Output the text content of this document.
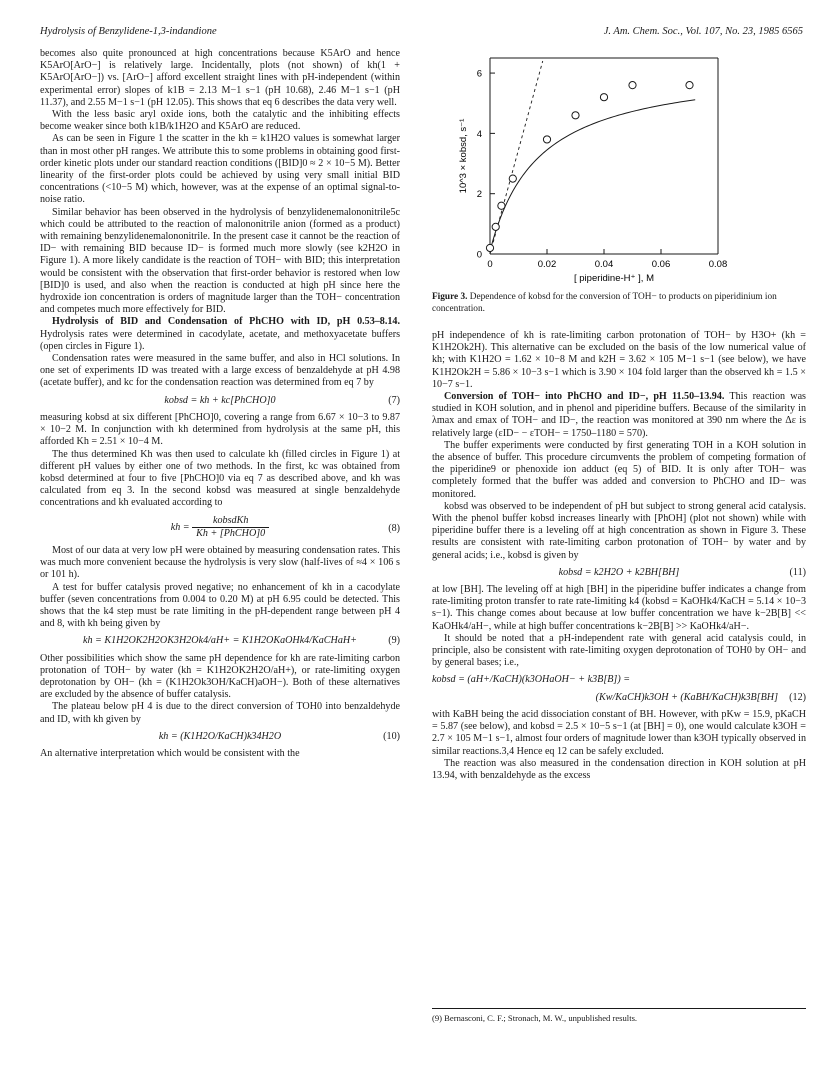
Hydrolysis of Benzylidene-1,3-indandione	J. Am. Chem. Soc., Vol. 107, No. 23, 1985 6565

becomes also quite pronounced at high concentrations because K5ArO and hence K5ArO[ArO−] is relatively large. Incidentally, plots (not shown) of kh(1 + K5ArO[ArO−]) vs. [ArO−] afford excellent straight lines with pH-independent (within experimental error) slopes of k1B = 2.13 M−1 s−1 (pH 10.68), 2.46 M−1 s−1 (pH 11.37), and 2.55 M−1 s−1 (pH 12.05). This shows that eq 6 describes the data very well.

With the less basic aryl oxide ions, both the catalytic and the inhibiting effects become weaker since both k1B/k1H2O and K5ArO are reduced.

As can be seen in Figure 1 the scatter in the kh = k1H2O values is somewhat larger than in most other pH ranges. We attribute this to some problems in obtaining good first-order kinetic plots under our standard reaction conditions ([BID]0 ≈ 2 × 10−5 M). Better linearity of the first-order plots could be achieved by using very small initial BID concentrations (<10−5 M) which, however, was at the expense of an optimal signal-to-noise ratio.

Similar behavior has been observed in the hydrolysis of benzylidenemalononitrile5c which could be attributed to the reaction of malononitrile anion (formed as a product) with remaining benzylidenemalononitrile. In the present case it cannot be the reaction of ID− with remaining BID because ID− is formed much more slowly (see k2H2O in Figure 1). A more likely candidate is the reaction of TOH− with BID; this interpretation would be consistent with the observation that first-order behavior is restored when low [BID]0 is used, and also when the reaction is conducted at high pH since here the hydroxide ion concentration is orders of magnitude larger than the TOH− concentration and competes much more effectively for BID.

Hydrolysis of BID and Condensation of PhCHO with ID, pH 0.53–8.14. Hydrolysis rates were determined in cacodylate, acetate, and methoxyacetate buffers (open circles in Figure 1).

Condensation rates were measured in the same buffer, and also in HCl solutions. In one set of experiments ID was treated with a large excess of benzaldehyde at pH 4.98 (acetate buffer), and kc for the condensation reaction was determined from eq 7 by

kobsd = kh + kc[PhCHO]0	(7)

measuring kobsd at six different [PhCHO]0, covering a range from 6.67 × 10−3 to 9.87 × 10−2 M. In conjunction with kh determined from hydrolysis at the same pH, this afforded Kh = 2.51 × 10−4 M.

The thus determined Kh was then used to calculate kh (filled circles in Figure 1) at different pH values by either one of two methods. In the first, kc was obtained from kobsd determined at four to five [PhCHO]0 via eq 7 as described above, and kh was calculated from eq 3. In the second kobsd was measured at single benzaldehyde concentrations and kh evaluated according to

kh = $\frac{\text{kobsdKh}}{\text{Kh + [PhCHO]0}}$	(8)

Most of our data at very low pH were obtained by measuring condensation rates. This was much more convenient because the hydrolysis is very slow (half-lives of ≈4 × 106 s or 101 h).

A test for buffer catalysis proved negative; no enhancement of kh in a cacodylate buffer (seven concentrations from 0.004 to 0.20 M) at pH 6.95 could be detected. This shows that the k4 step must be rate limiting in the pH-dependent range between pH 4 and 8, with kh being given by

kh = K1H2OK2H2OK3H2Ok4/aH+ = K1H2OKaOHk4/KaCHaH+	(9)

Other possibilities which show the same pH dependence for kh are rate-limiting carbon protonation of TOH− by water (kh = K1H2OK2H2O/aH+), or rate-limiting oxygen deprotonation by OH− (kh = (K1H2Ok3OH/KaCH)aOH−). Both of these alternatives are excluded by the absence of buffer catalysis.

The plateau below pH 4 is due to the direct conversion of TOH0 into benzaldehyde and ID, with kh given by

kh = (K1H2O/KaCH)k34H2O	(10)

An alternative interpretation which would be consistent with the

0	0.02	0.04	0.06	0.08
0
2
4
6
10^3 × kobsd, s⁻¹
[ piperidine-H⁺ ], M
Figure 3. Dependence of kobsd for the conversion of TOH− to products on piperidinium ion concentration.

pH independence of kh is rate-limiting carbon protonation of TOH− by H3O+ (kh = K1H2Ok2H). This alternative can be excluded on the basis of the low numerical value of kh; with K1H2O = 1.62 × 10−8 M and k2H = 3.62 × 105 M−1 s−1 (see below), we have K1H2Ok2H = 5.86 × 10−3 s−1 which is 3.90 × 104 fold larger than the observed kh = 1.5 × 10−7 s−1.

Conversion of TOH− into PhCHO and ID−, pH 11.50–13.94. This reaction was studied in KOH solution, and in phenol and piperidine buffers. Because of the similarity in λmax and εmax of TOH− and ID−, the reaction was monitored at 390 nm where the Δε is relatively large (εID− − εTOH− = 1750–1180 = 570).

The buffer experiments were conducted by first generating TOH in a KOH solution in the absence of buffer. This procedure circumvents the problem of competing formation of the piperidine9 or phenoxide ion adduct (eq 5) of BID. It is only after TOH− was completely formed that the buffer was added and conversion to PhCHO and ID− was monitored.

kobsd was observed to be independent of pH but subject to strong general acid catalysis. With the phenol buffer kobsd increases linearly with [PhOH] (plot not shown) while with piperidine buffer there is a leveling off at high concentration as shown in Figure 3. These results are consistent with rate-limiting carbon protonation of TOH− by water and by general acids; i.e., kobsd is given by

kobsd = k2H2O + k2BH[BH]	(11)

at low [BH]. The leveling off at high [BH] in the piperidine buffer indicates a change from rate-limiting proton transfer to rate rate-limiting k4 (kobsd = KaOHk4/KaCH = 5.14 × 10−3 s−1). This change comes about because at low buffer concentration we have k−2B[B] << KaOHk4/aH−, while at high buffer concentrations k−2B[B] >> KaOHk4/aH−.

It should be noted that a pH-independent rate with general acid catalysis could, in principle, also be consistent with rate-limiting oxygen deprotonation of TOH0 by OH− and by general bases; i.e.,

kobsd = (aH+/KaCH)(k3OHaOH− + k3B[B]) =
(Kw/KaCH)k3OH + (KaBH/KaCH)k3B[BH] (12)

with KaBH being the acid dissociation constant of BH. However, with pKw = 15.9, pKaCH = 5.87 (see below), and kobsd = 2.5 × 10−5 s−1 (at [BH] = 0), one would calculate k3OH = 2.7 × 105 M−1 s−1, almost four orders of magnitude lower than k3OH typically observed in similar reactions.3,4 Hence eq 12 can be safely excluded.

The reaction was also measured in the condensation direction in KOH solution at pH 13.94, with benzaldehyde as the excess

(9) Bernasconi, C. F.; Stronach, M. W., unpublished results.
